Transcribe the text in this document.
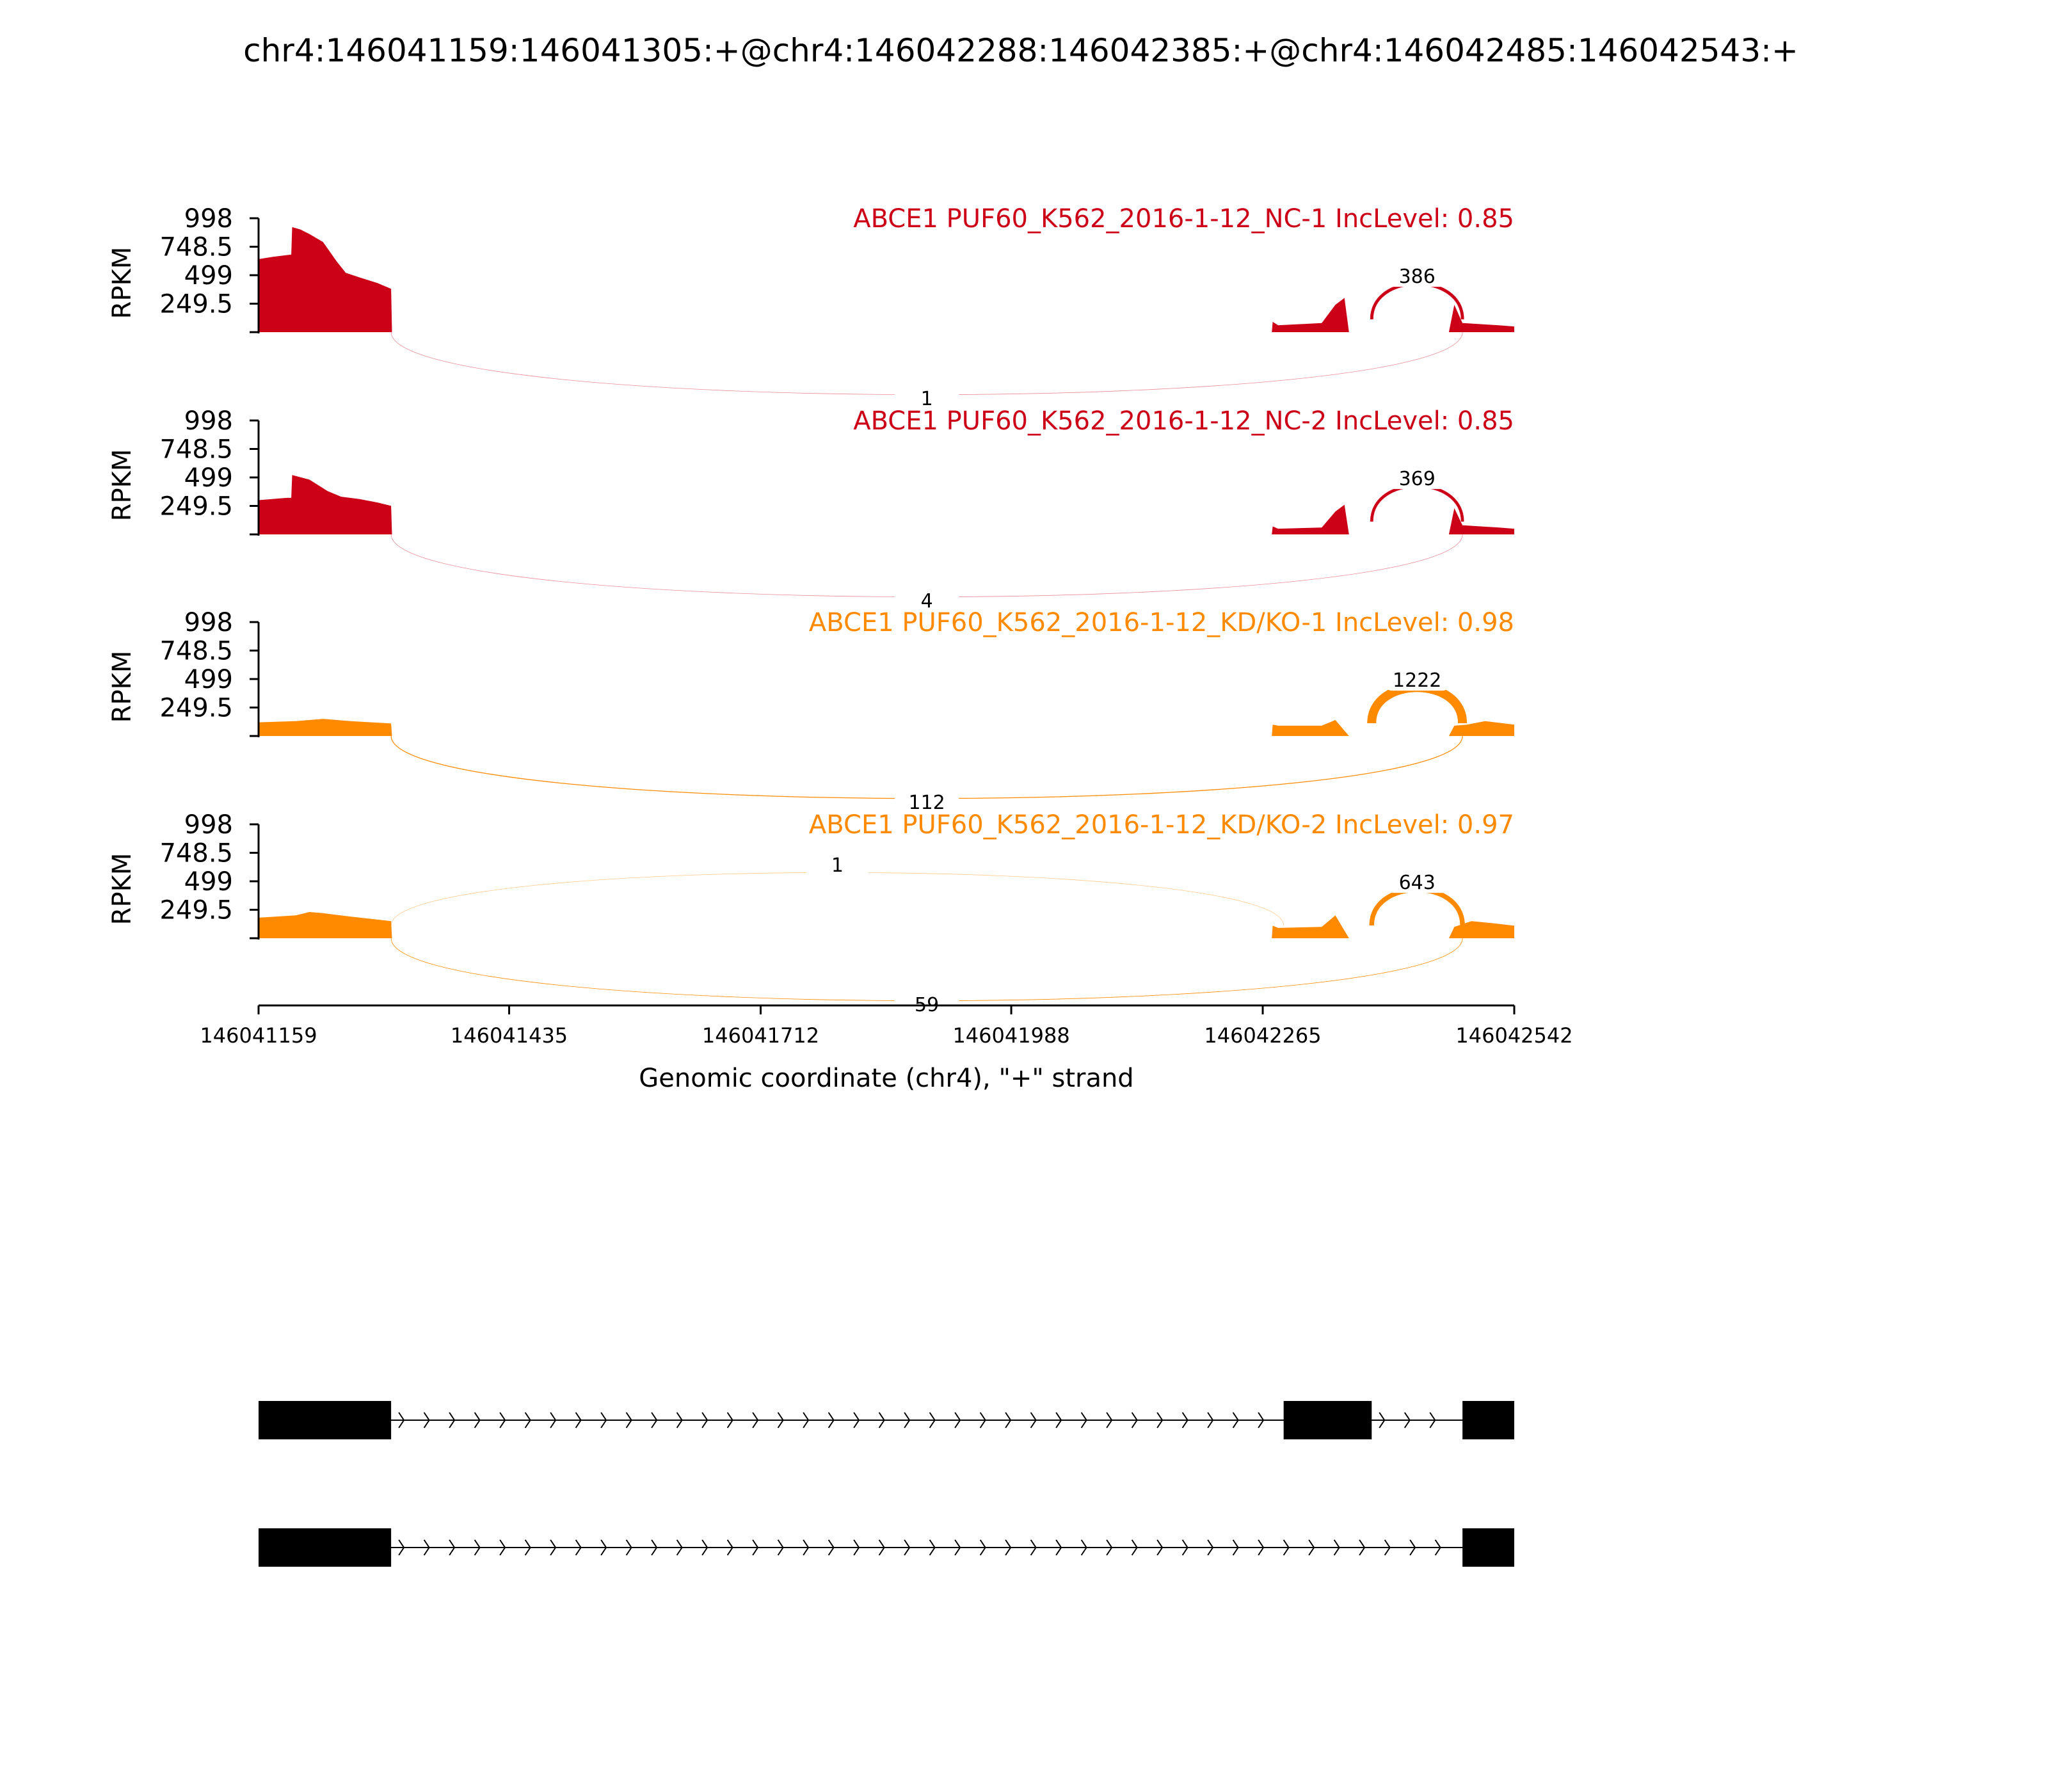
chr4:146041159:146041305:+@chr4:146042288:146042385:+@chr4:146042485:146042543:+
998
748.5
499
249.5
RPKM
ABCE1 PUF60_K562_2016-1-12_NC-1 IncLevel: 0.85
1
386
998
748.5
499
249.5
RPKM
ABCE1 PUF60_K562_2016-1-12_NC-2 IncLevel: 0.85
4
369
998
748.5
499
249.5
RPKM
ABCE1 PUF60_K562_2016-1-12_KD/KO-1 IncLevel: 0.98
112
1222
998
748.5
499
249.5
RPKM
ABCE1 PUF60_K562_2016-1-12_KD/KO-2 IncLevel: 0.97
59
1
643
Genomic coordinate (chr4), "+" strand
146041159	146041435	146041712	146041988	146042265	146042542
